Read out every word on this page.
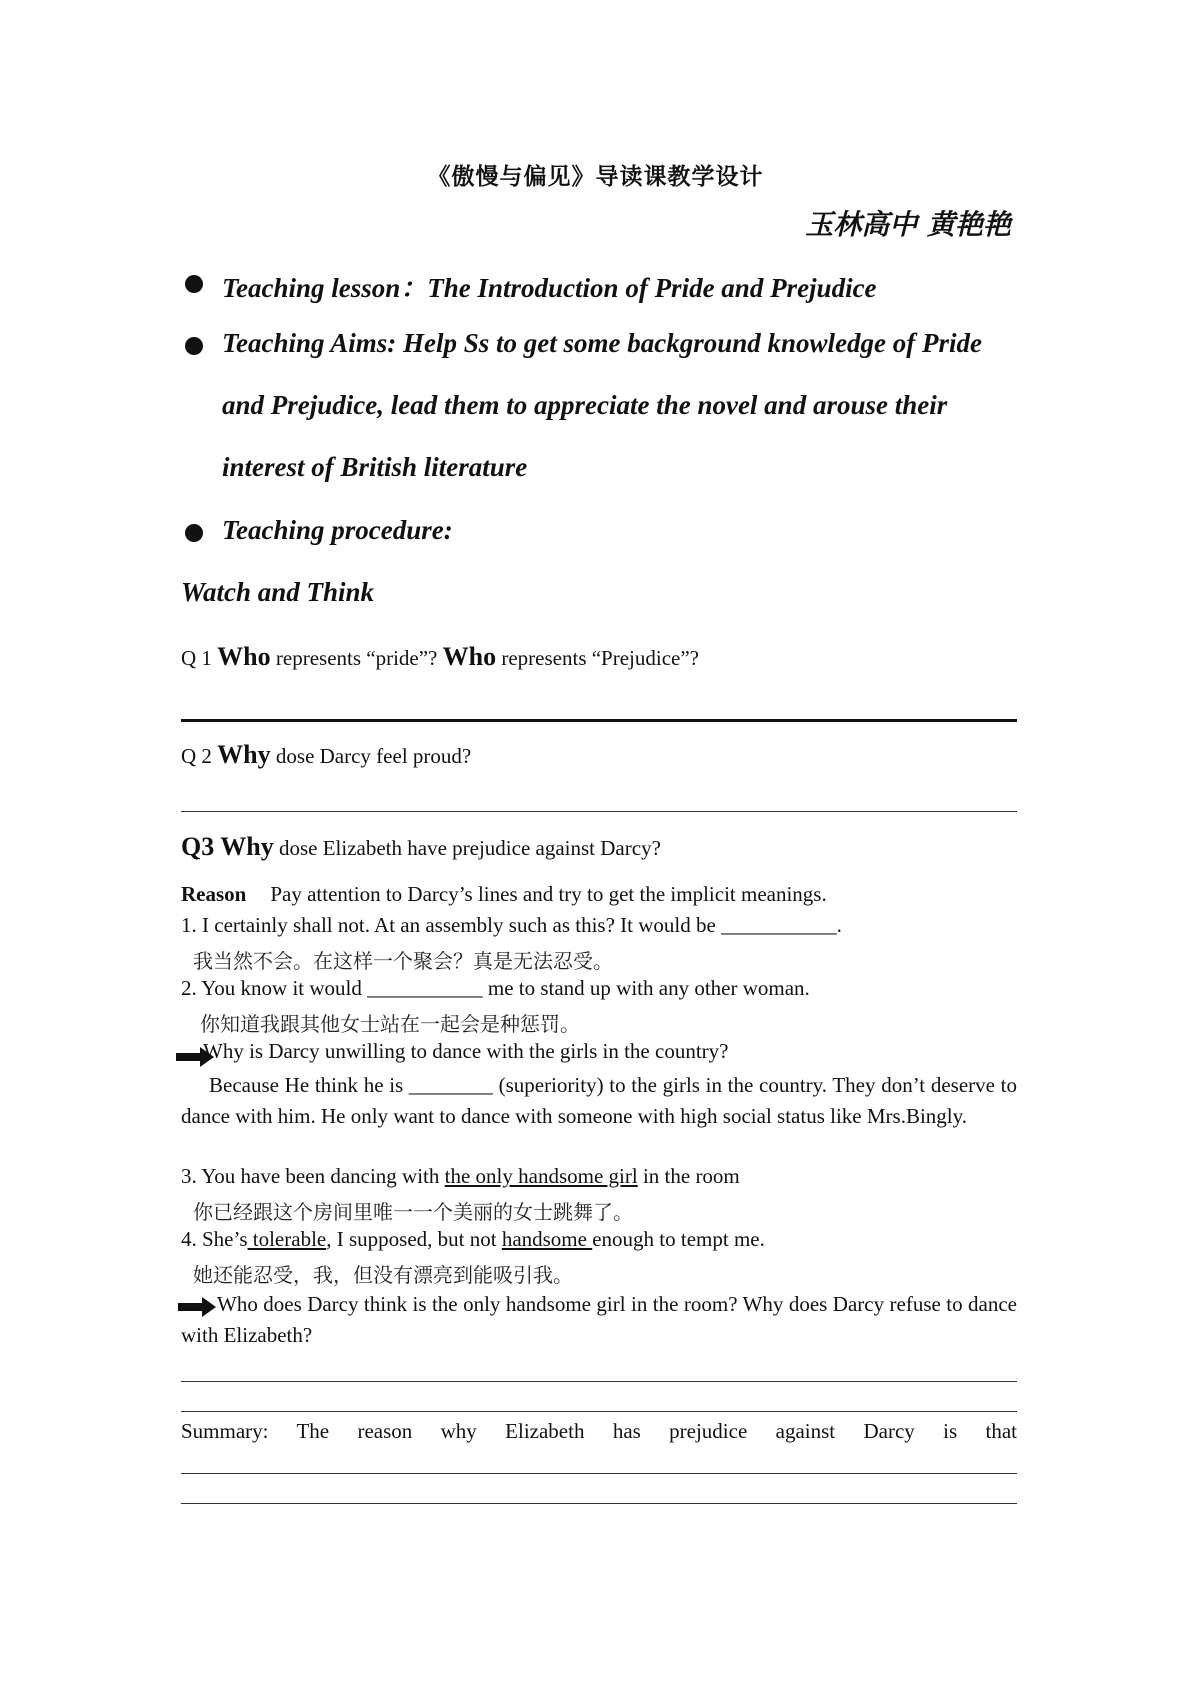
《傲慢与偏见》导读课教学设计
玉林高中 黄艳艳
Teaching lesson：The Introduction of Pride and Prejudice
Teaching Aims: Help Ss to get some background knowledge of Pride
and Prejudice, lead them to appreciate the novel and arouse their
interest of British literature
Teaching procedure:
Watch and Think
Q 1 Who represents “pride”? Who represents “Prejudice”?
Q 2 Why dose Darcy feel proud?
Q3 Why dose Elizabeth have prejudice against Darcy?
Reason Pay attention to Darcy’s lines and try to get the implicit meanings.
1. I certainly shall not. At an assembly such as this? It would be ___________.
我当然不会。在这样一个聚会？真是无法忍受。
2. You know it would ___________ me to stand up with any other woman.
你知道我跟其他女士站在一起会是种惩罚。
Why is Darcy unwilling to dance with the girls in the country?
Because He think he is ________ (superiority) to the girls in the country. They don’t deserve to dance with him. He only want to dance with someone with high social status like Mrs.Bingly.
3. You have been dancing with the only handsome girl in the room
你已经跟这个房间里唯一一个美丽的女士跳舞了。
4. She’s tolerable, I supposed, but not handsome enough to tempt me.
她还能忍受，我，但没有漂亮到能吸引我。
Who does Darcy think is the only handsome girl in the room? Why does Darcy refuse to dance with Elizabeth?
Summary: The reason why Elizabeth has prejudice against Darcy is that
